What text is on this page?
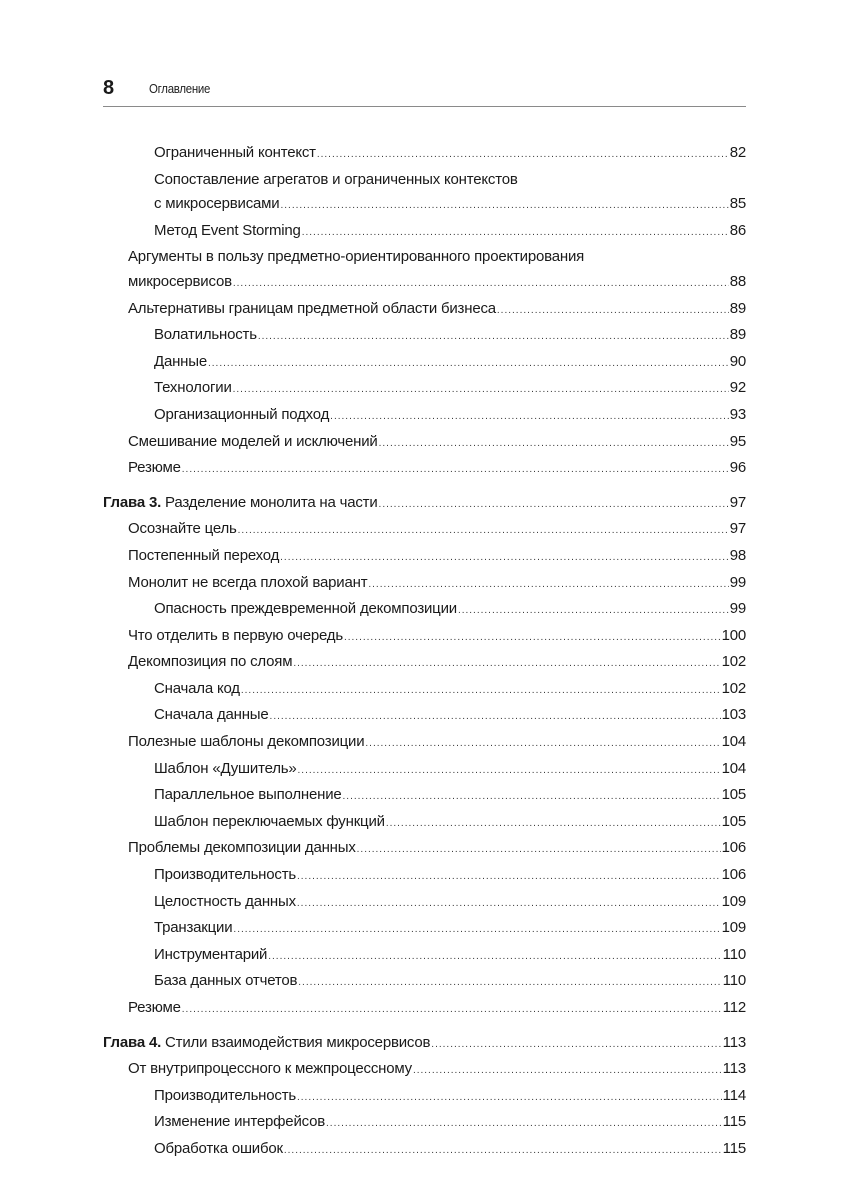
8	Оглавление
Ограниченный контекст .....	82
Сопоставление агрегатов и ограниченных контекстов
с микросервисами .....	85
Метод Event Storming .....	86
Аргументы в пользу предметно-ориентированного проектирования
микросервисов .....	88
Альтернативы границам предметной области бизнеса .....	89
Волатильность .....	89
Данные .....	90
Технологии .....	92
Организационный подход .....	93
Смешивание моделей и исключений .....	95
Резюме .....	96
Глава 3. Разделение монолита на части .....	97
Осознайте цель .....	97
Постепенный переход .....	98
Монолит не всегда плохой вариант .....	99
Опасность преждевременной декомпозиции .....	99
Что отделить в первую очередь .....	100
Декомпозиция по слоям .....	102
Сначала код .....	102
Сначала данные .....	103
Полезные шаблоны декомпозиции .....	104
Шаблон «Душитель» .....	104
Параллельное выполнение .....	105
Шаблон переключаемых функций .....	105
Проблемы декомпозиции данных .....	106
Производительность .....	106
Целостность данных .....	109
Транзакции .....	109
Инструментарий .....	110
База данных отчетов .....	110
Резюме .....	112
Глава 4. Стили взаимодействия микросервисов .....	113
От внутрипроцессного к межпроцессному .....	113
Производительность .....	114
Изменение интерфейсов .....	115
Обработка ошибок .....	115
